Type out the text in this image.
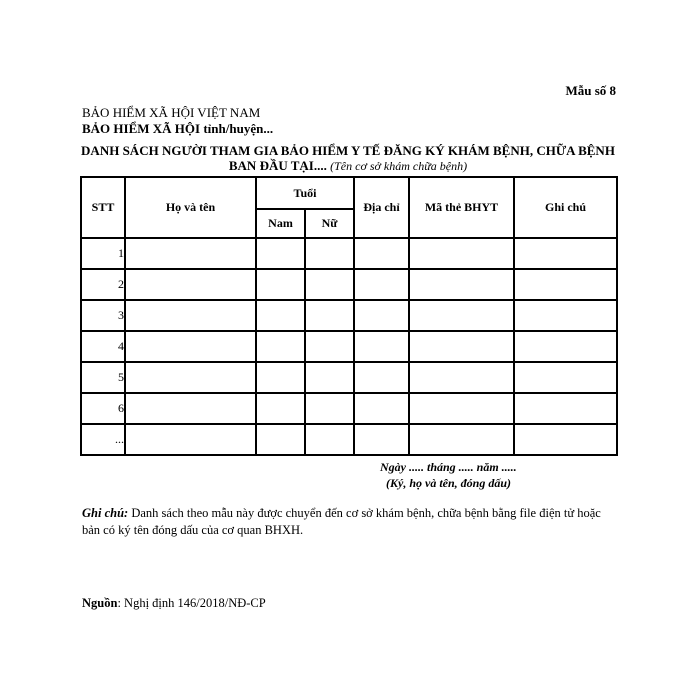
Mẫu số 8
BẢO HIỂM XÃ HỘI VIỆT NAM
BẢO HIỂM XÃ HỘI tỉnh/huyện...
DANH SÁCH NGƯỜI THAM GIA BẢO HIỂM Y TẾ ĐĂNG KÝ KHÁM BỆNH, CHỮA BỆNH BAN ĐẦU TẠI.... (Tên cơ sở khám chữa bệnh)
STT	Họ và tên	Tuổi		Địa chỉ	Mã thẻ BHYT	Ghi chú
		Nam	Nữ			
1						
2						
3						
4						
5						
6						
...						
Ngày ..... tháng ..... năm .....
(Ký, họ và tên, đóng dấu)
Ghi chú: Danh sách theo mẫu này được chuyển đến cơ sở khám bệnh, chữa bệnh bằng file điện tử hoặc bản có ký tên đóng dấu của cơ quan BHXH.
Nguồn: Nghị định 146/2018/NĐ-CP
